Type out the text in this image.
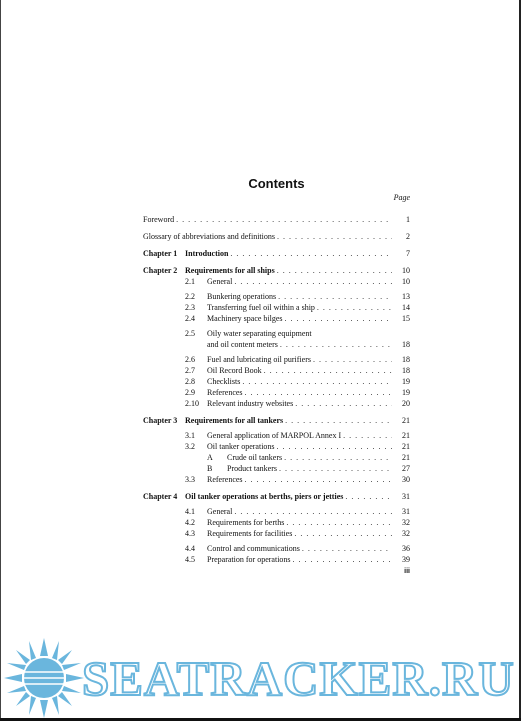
Contents
Page
Foreword . . .	1
Glossary of abbreviations and definitions . . .	2
Chapter 1 Introduction . . .	7
Chapter 2 Requirements for all ships . . .	10
2.1	General . . .	10
2.2	Bunkering operations . . .	13
2.3	Transferring fuel oil within a ship . . .	14
2.4	Machinery space bilges . . .	15
2.5	Oily water separating equipment
and oil content meters . . .	18
2.6	Fuel and lubricating oil purifiers . . .	18
2.7	Oil Record Book . . .	18
2.8	Checklists . . .	19
2.9	References . . .	19
2.10	Relevant industry websites . . .	20
Chapter 3 Requirements for all tankers . . .	21
3.1	General application of MARPOL Annex I . . .	21
3.2	Oil tanker operations . . .	21
A	Crude oil tankers . . .	21
B	Product tankers . . .	27
3.3	References . . .	30
Chapter 4 Oil tanker operations at berths, piers or jetties . . .	31
4.1	General . . .	31
4.2	Requirements for berths . . .	32
4.3	Requirements for facilities . . .	32
4.4	Control and communications . . .	36
4.5	Preparation for operations . . .	39
iii
SEATRACKER.RU
